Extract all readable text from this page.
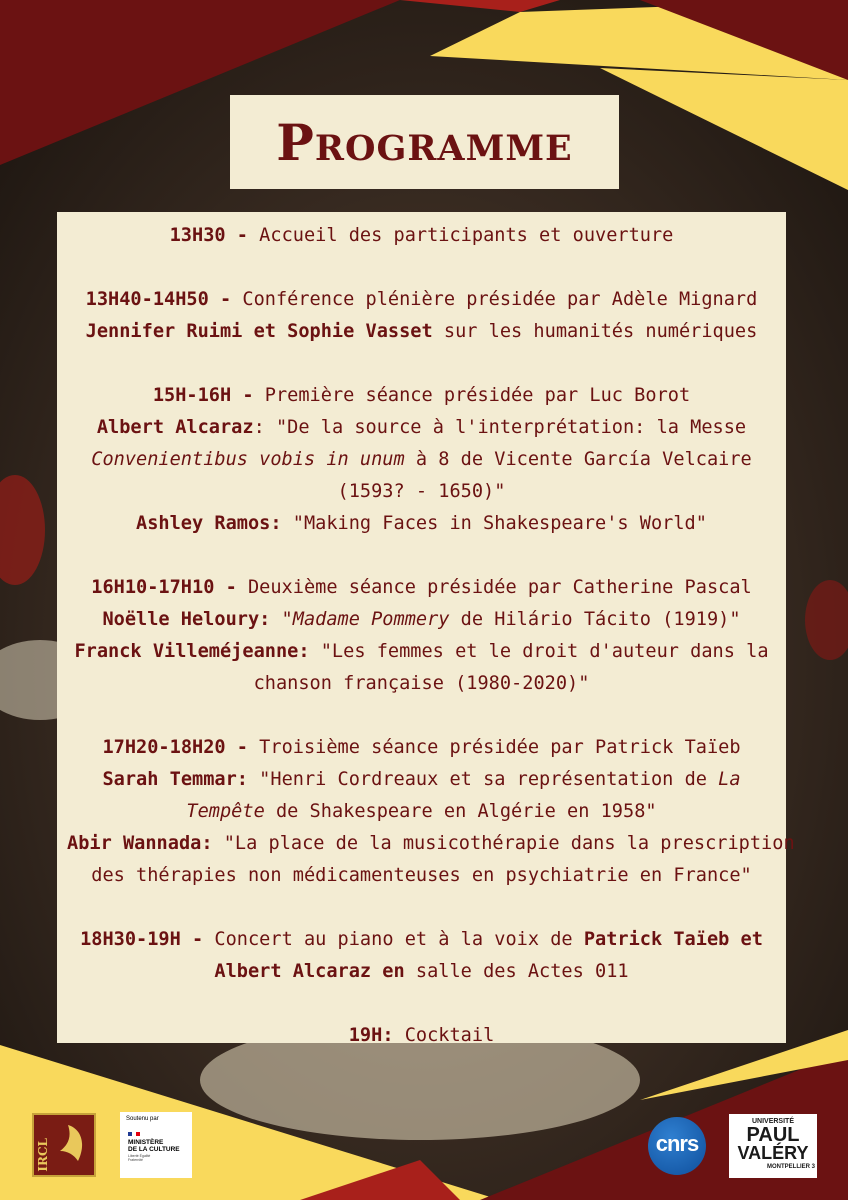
Programme
13H30 - Accueil des participants et ouverture
13H40-14H50 - Conférence plénière présidée par Adèle Mignard
Jennifer Ruimi et Sophie Vasset sur les humanités numériques
15H-16H - Première séance présidée par Luc Borot
Albert Alcaraz: "De la source à l'interprétation: la Messe
Convenientibus vobis in unum à 8 de Vicente García Velcaire
(1593? - 1650)"
Ashley Ramos: "Making Faces in Shakespeare's World"
16H10-17H10 - Deuxième séance présidée par Catherine Pascal
Noëlle Heloury: "Madame Pommery de Hilário Tácito (1919)"
Franck Villeméjeanne: "Les femmes et le droit d'auteur dans la
chanson française (1980-2020)"
17H20-18H20 - Troisième séance présidée par Patrick Taïeb
Sarah Temmar: "Henri Cordreaux et sa représentation de La
Tempête de Shakespeare en Algérie en 1958"
Abir Wannada: "La place de la musicothérapie dans la prescription
des thérapies non médicamenteuses en psychiatrie en France"
18H30-19H - Concert au piano et à la voix de Patrick Taïeb et
Albert Alcaraz en salle des Actes 011
19H: Cocktail
IRCL
Soutenu par
MINISTÈRE
DE LA CULTURE
Liberté Égalité Fraternité
cnrs
UNIVERSITÉ
PAUL
VALÉRY
MONTPELLIER 3
